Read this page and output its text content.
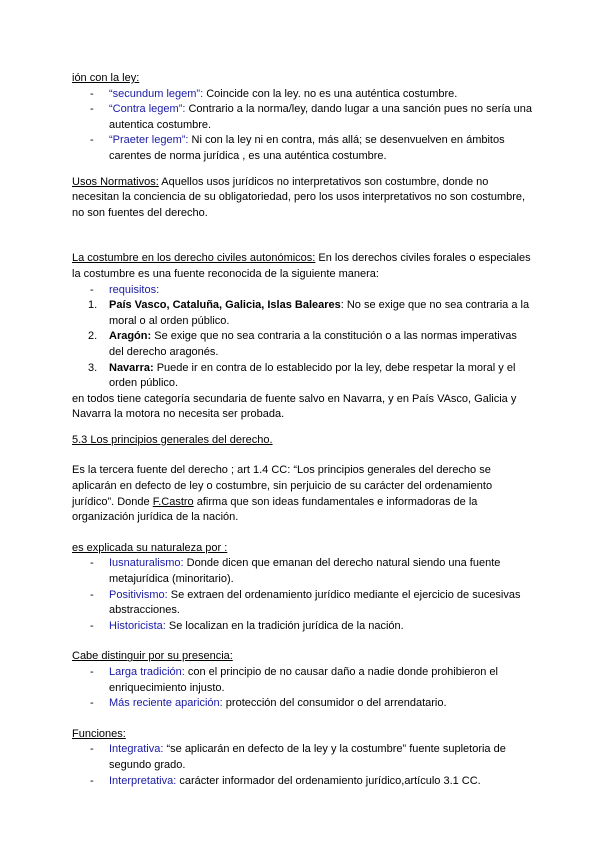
ión con la ley:

- “secundum legem”: Coincide con la ley. no es una auténtica costumbre.
- “Contra legem”: Contrario a la norma/ley, dando lugar a una sanción pues no sería una autentica costumbre.
- “Praeter legem”: Ni con la ley ni en contra, más allá; se desenvuelven en ámbitos carentes de norma jurídica , es una auténtica costumbre.

Usos Normativos: Aquellos usos jurídicos no interpretativos son costumbre, donde no necesitan la conciencia de su obligatoriedad, pero los usos interpretativos no son costumbre, no son fuentes del derecho.

La costumbre en los derecho civiles autonómicos: En los derechos civiles forales o especiales la costumbre es una fuente reconocida de la siguiente manera:

- requisitos:
1. País Vasco, Cataluña, Galicia, Islas Baleares: No se exige que no sea contraria a la moral o al orden público.
2. Aragón: Se exige que no sea contraria a la constitución o a las normas imperativas del derecho aragonés.
3. Navarra: Puede ir en contra de lo establecido por la ley, debe respetar la moral y el orden público.

en todos tiene categoría secundaria de fuente salvo en Navarra, y en País VAsco, Galicia y Navarra la motora no necesita ser probada.

5.3 Los principios generales del derecho.

Es la tercera fuente del derecho ; art 1.4 CC: “Los principios generales del derecho se aplicarán en defecto de ley o costumbre, sin perjuicio de su carácter del ordenamiento jurídico”. Donde F.Castro afirma que son ideas fundamentales e informadoras de la organización jurídica de la nación.

es explicada su naturaleza por :

- Iusnaturalismo: Donde dicen que emanan del derecho natural siendo una fuente metajurídica (minoritario).
- Positivismo: Se extraen del ordenamiento jurídico mediante el ejercicio de sucesivas abstracciones.
- Historicista: Se localizan en la tradición jurídica de la nación.

Cabe distinguir por su presencia:

- Larga tradición: con el principio de no causar daño a nadie donde prohibieron el enriquecimiento injusto.
- Más reciente aparición: protección del consumidor o del arrendatario.

Funciones:

- Integrativa: “se aplicarán en defecto de la ley y la costumbre” fuente supletoria de segundo grado.
- Interpretativa: carácter informador del ordenamiento jurídico,artículo 3.1 CC.
